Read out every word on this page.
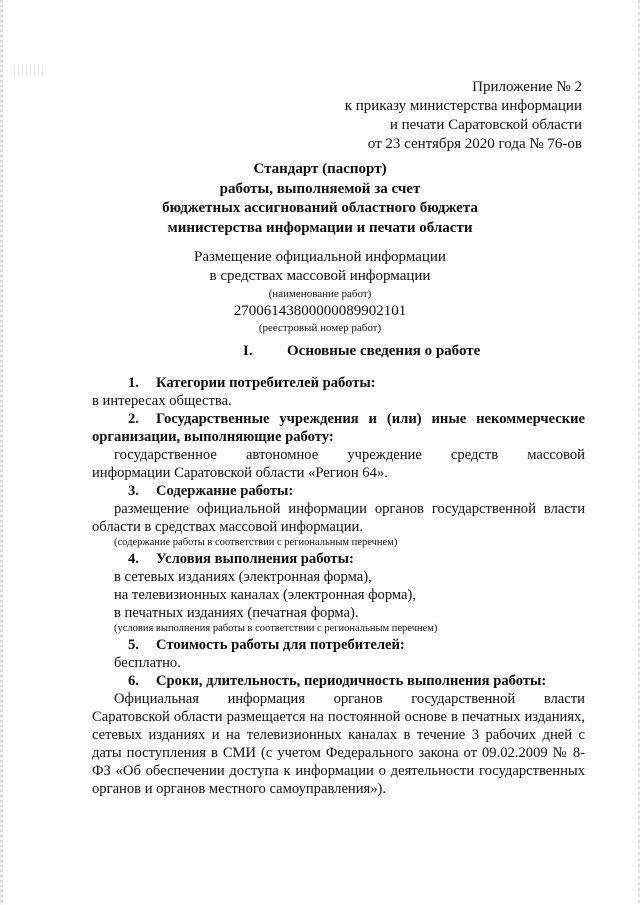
Приложение № 2
к приказу министерства информации
и печати Саратовской области
от 23 сентября 2020 года № 76-ов
Стандарт (паспорт)
работы, выполняемой за счет
бюджетных ассигнований областного бюджета
министерства информации и печати области
Размещение официальной информации
в средствах массовой информации
(наименование работ)
27006143800000089902101
(реестровый номер работ)
I. Основные сведения о работе
1.	Категории потребителей работы:
в интересах общества.
2.	Государственные учреждения и (или) иные некоммерческие организации, выполняющие работу:
государственное автономное учреждение средств массовой
информации Саратовской области «Регион 64».
3.	Содержание работы:
размещение официальной информации органов государственной власти области в средствах массовой информации.
(содержание работы в соответствии с региональным перечнем)
4.	Условия выполнения работы:
в сетевых изданиях (электронная форма),
на телевизионных каналах (электронная форма),
в печатных изданиях (печатная форма).
(условия выполнения работы в соответствии с региональным перечнем)
5.	Стоимость работы для потребителей:
бесплатно.
6.	Сроки, длительность, периодичность выполнения работы:
Официальная информация органов государственной власти
Саратовской области размещается на постоянной основе в печатных изданиях, сетевых изданиях и на телевизионных каналах в течение 3 рабочих дней с даты поступления в СМИ (с учетом Федерального закона от 09.02.2009 № 8-ФЗ «Об обеспечении доступа к информации о деятельности государственных органов и органов местного самоуправления»).
